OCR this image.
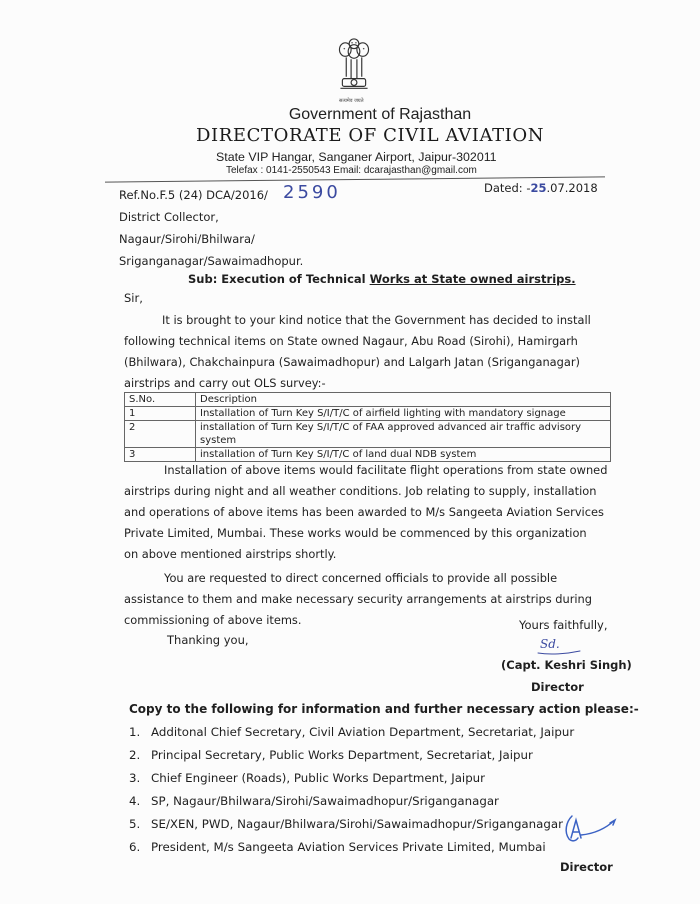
सत्यमेव जयते
Government of Rajasthan
DIRECTORATE OF CIVIL AVIATION
State VIP Hangar, Sanganer Airport, Jaipur-302011
Telefax : 0141-2550543 Email: dcarajasthan@gmail.com
Ref.No.F.5 (24) DCA/2016/ 2590	Dated: -25.07.2018
District Collector,
Nagaur/Sirohi/Bhilwara/
Sriganganagar/Sawaimadhopur.
Sub: Execution of Technical Works at State owned airstrips.
Sir,
It is brought to your kind notice that the Government has decided to install
following technical items on State owned Nagaur, Abu Road (Sirohi), Hamirgarh
(Bhilwara), Chakchainpura (Sawaimadhopur) and Lalgarh Jatan (Sriganganagar)
airstrips and carry out OLS survey:-
S.No.	Description
1	Installation of Turn Key S/I/T/C of airfield lighting with mandatory signage
2	installation of Turn Key S/I/T/C of FAA approved advanced air traffic advisory system
3	installation of Turn Key S/I/T/C of land dual NDB system
Installation of above items would facilitate flight operations from state owned
airstrips during night and all weather conditions. Job relating to supply, installation
and operations of above items has been awarded to M/s Sangeeta Aviation Services
Private Limited, Mumbai. These works would be commenced by this organization
on above mentioned airstrips shortly.
You are requested to direct concerned officials to provide all possible
assistance to them and make necessary security arrangements at airstrips during
commissioning of above items.
Thanking you,
Yours faithfully,
Sd.
(Capt. Keshri Singh)
Director
Copy to the following for information and further necessary action please:-
1. Additonal Chief Secretary, Civil Aviation Department, Secretariat, Jaipur
2. Principal Secretary, Public Works Department, Secretariat, Jaipur
3. Chief Engineer (Roads), Public Works Department, Jaipur
4. SP, Nagaur/Bhilwara/Sirohi/Sawaimadhopur/Sriganganagar
5. SE/XEN, PWD, Nagaur/Bhilwara/Sirohi/Sawaimadhopur/Sriganganagar
6. President, M/s Sangeeta Aviation Services Private Limited, Mumbai
Director
